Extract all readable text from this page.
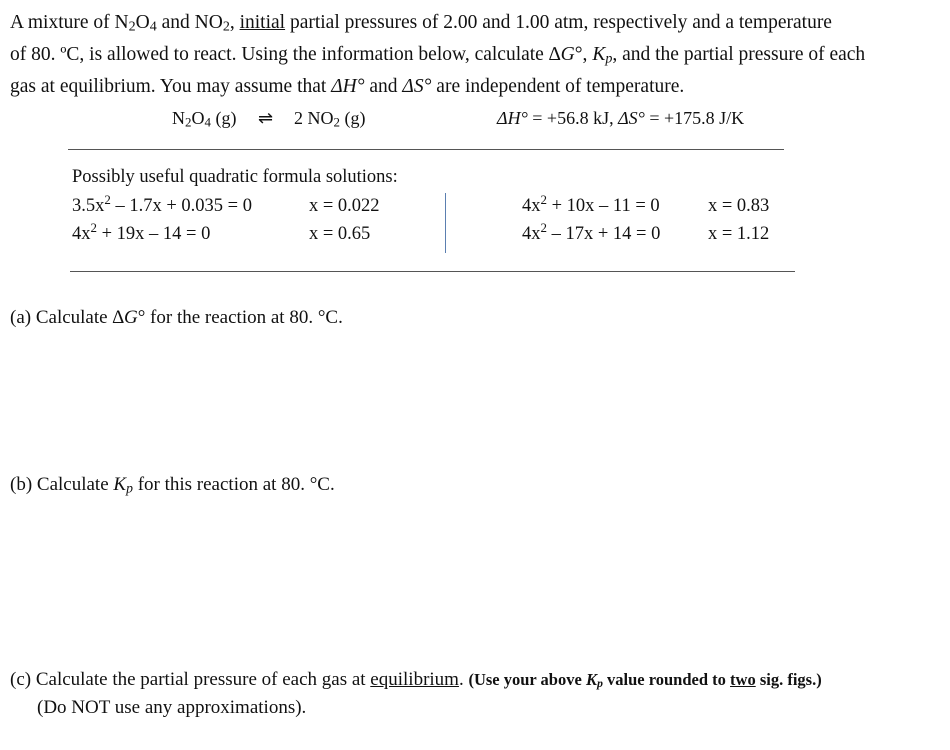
A mixture of $N_2O_4$ and $NO_2$, initial partial pressures of 2.00 and 1.00 atm, respectively and a temperature
of 80. ºC, is allowed to react. Using the information below, calculate ∆G°, $K_p$, and the partial pressure of each
gas at equilibrium. You may assume that ΔH° and ΔS° are independent of temperature.
$N_2O_4$ (g) ⇌ 2 $NO_2$ (g)	ΔH° = +56.8 kJ, ΔS° = +175.8 J/K
Possibly useful quadratic formula solutions:
$3.5x^2 - 1.7x + 0.035 = 0$	x = 0.022
$4x^2 + 19x - 14 = 0$	x = 0.65
$4x^2 + 10x - 11 = 0$	x = 0.83
$4x^2 - 17x + 14 = 0$	x = 1.12
(a) Calculate ∆G° for the reaction at 80. °C.
(b) Calculate $K_p$ for this reaction at 80. °C.
(c) Calculate the partial pressure of each gas at equilibrium. (Use your above $K_p$ value rounded to two sig. figs.)
(Do NOT use any approximations).
